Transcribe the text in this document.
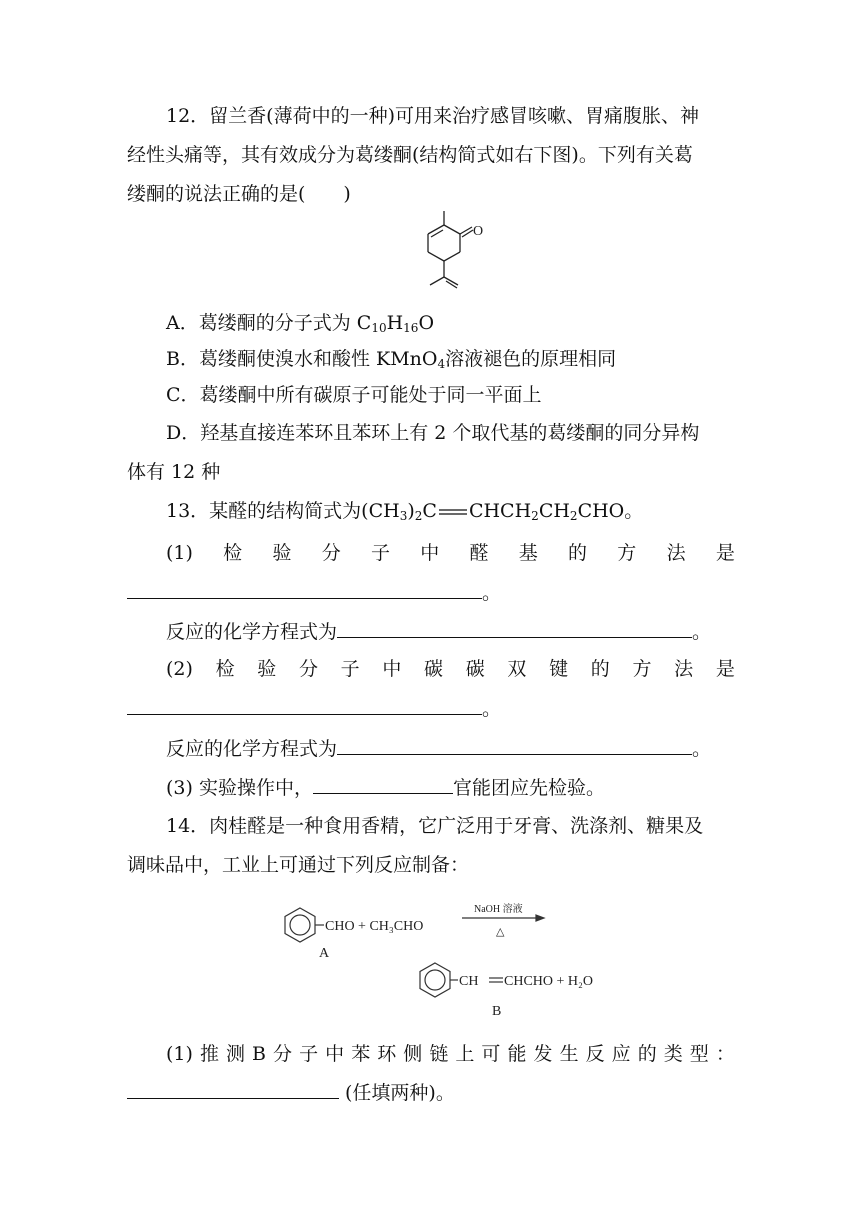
12．留兰香(薄荷中的一种)可用来治疗感冒咳嗽、胃痛腹胀、神
经性头痛等，其有效成分为葛缕酮(结构简式如右下图)。下列有关葛
缕酮的说法正确的是(　　)
O
A．葛缕酮的分子式为 $C_{10}H_{16}O$
B．葛缕酮使溴水和酸性 KMnO$_4$溶液褪色的原理相同
C．葛缕酮中所有碳原子可能处于同一平面上
D．羟基直接连苯环且苯环上有 2 个取代基的葛缕酮的同分异构
体有 12 种
13．某醛的结构简式为$(CH_3)_2C$ $CHCH_2CH_2CHO$。
(1) 检 验 分 子 中 醛 基 的 方 法 是
。
反应的化学方程式为	。
(2) 检 验 分 子 中 碳 碳 双 键 的 方 法 是
。
反应的化学方程式为	。
(3) 实验操作中，	官能团应先检验。
14．肉桂醛是一种食用香精，它广泛用于牙膏、洗涤剂、糖果及
调味品中，工业上可通过下列反应制备：
CHO + CH₃CHO
NaOH 溶液
△
A
CH CHCHO + H₂O
B
(1) 推 测 B 分 子 中 苯 环 侧 链 上 可 能 发 生 反 应 的 类 型 ：
(任填两种)。
